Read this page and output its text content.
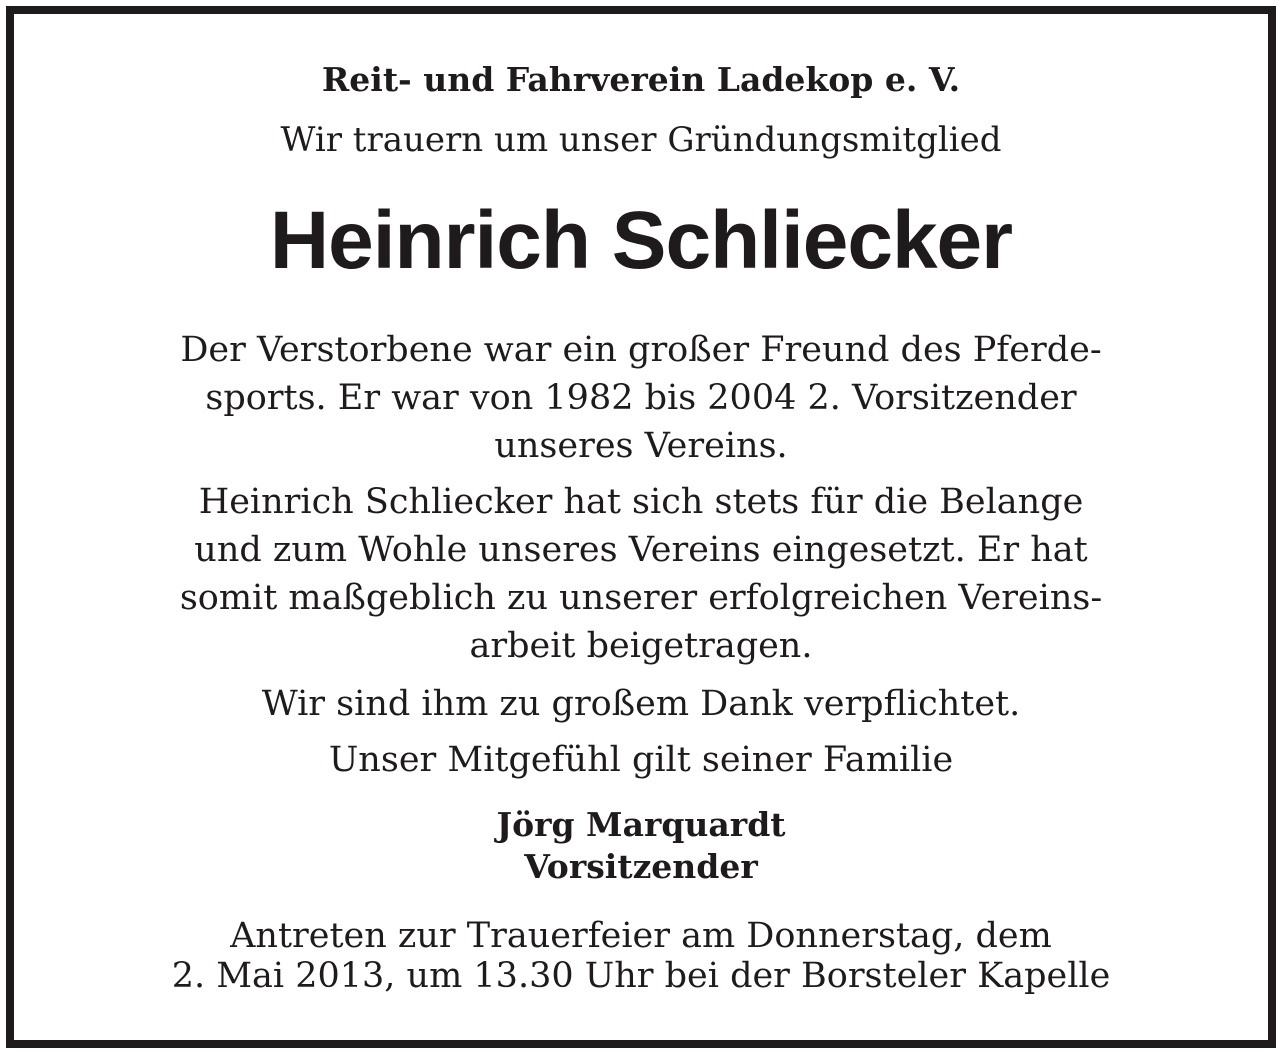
Reit- und Fahrverein Ladekop e. V.
Wir trauern um unser Gründungsmitglied
Heinrich Schliecker
Der Verstorbene war ein großer Freund des Pferde-
sports. Er war von 1982 bis 2004 2. Vorsitzender
unseres Vereins.
Heinrich Schliecker hat sich stets für die Belange
und zum Wohle unseres Vereins eingesetzt. Er hat
somit maßgeblich zu unserer erfolgreichen Vereins-
arbeit beigetragen.
Wir sind ihm zu großem Dank verpflichtet.
Unser Mitgefühl gilt seiner Familie
Jörg Marquardt
Vorsitzender
Antreten zur Trauerfeier am Donnerstag, dem
2. Mai 2013, um 13.30 Uhr bei der Borsteler Kapelle
